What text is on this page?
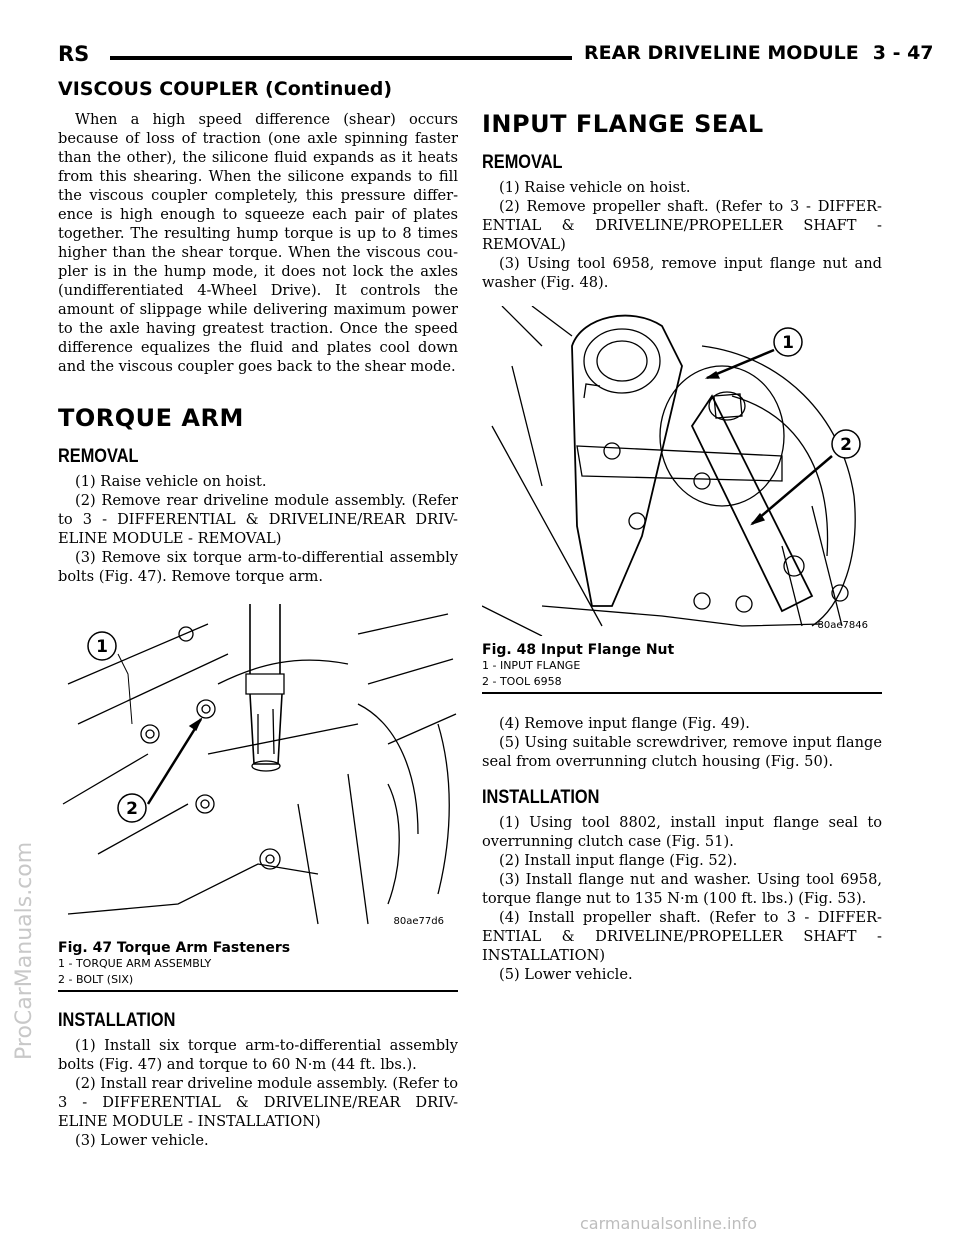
RS	REAR DRIVELINE MODULE 3 - 47
VISCOUS COUPLER (Continued)

When a high speed difference (shear) occurs because of loss of traction (one axle spinning faster than the other), the silicone fluid expands as it heats from this shearing. When the silicone expands to fill the viscous coupler completely, this pressure differ- ence is high enough to squeeze each pair of plates together. The resulting hump torque is up to 8 times higher than the shear torque. When the viscous cou- pler is in the hump mode, it does not lock the axles (undifferentiated 4-Wheel Drive). It controls the amount of slippage while delivering maximum power to the axle having greatest traction. Once the speed difference equalizes the fluid and plates cool down and the viscous coupler goes back to the shear mode.

TORQUE ARM
REMOVAL

(1) Raise vehicle on hoist.

(2) Remove rear driveline module assembly. (Refer to 3 - DIFFERENTIAL & DRIVELINE/REAR DRIV- ELINE MODULE - REMOVAL)

(3) Remove six torque arm-to-differential assembly bolts (Fig. 47). Remove torque arm.

1
2
80ae77d6
Fig. 47 Torque Arm Fasteners
1 - TORQUE ARM ASSEMBLY
2 - BOLT (SIX)
INSTALLATION

(1) Install six torque arm-to-differential assembly bolts (Fig. 47) and torque to 60 N·m (44 ft. lbs.).

(2) Install rear driveline module assembly. (Refer to 3 - DIFFERENTIAL & DRIVELINE/REAR DRIV- ELINE MODULE - INSTALLATION)

(3) Lower vehicle.

INPUT FLANGE SEAL
REMOVAL

(1) Raise vehicle on hoist.

(2) Remove propeller shaft. (Refer to 3 - DIFFER- ENTIAL & DRIVELINE/PROPELLER SHAFT - REMOVAL)

(3) Using tool 6958, remove input flange nut and washer (Fig. 48).

1
2
80ae7846
Fig. 48 Input Flange Nut
1 - INPUT FLANGE
2 - TOOL 6958

(4) Remove input flange (Fig. 49).

(5) Using suitable screwdriver, remove input flange seal from overrunning clutch housing (Fig. 50).

INSTALLATION

(1) Using tool 8802, install input flange seal to overrunning clutch case (Fig. 51).

(2) Install input flange (Fig. 52).

(3) Install flange nut and washer. Using tool 6958, torque flange nut to 135 N·m (100 ft. lbs.) (Fig. 53).

(4) Install propeller shaft. (Refer to 3 - DIFFER- ENTIAL & DRIVELINE/PROPELLER SHAFT - INSTALLATION)

(5) Lower vehicle.

ProCarManuals.com
carmanualsonline.info
